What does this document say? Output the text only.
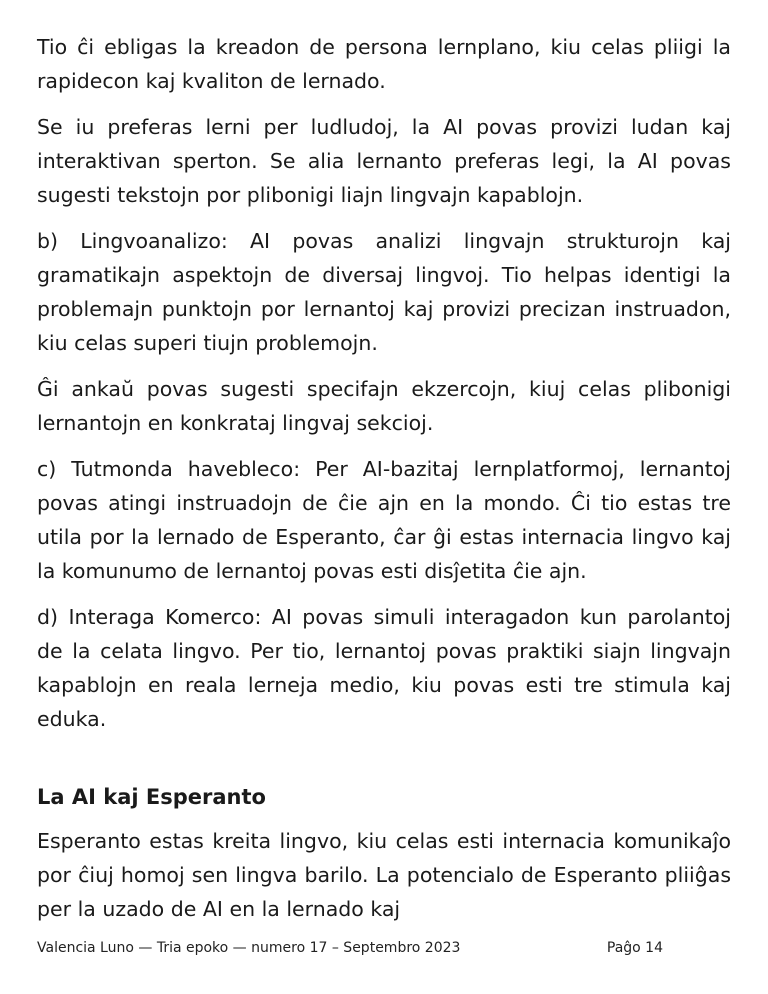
Tio ĉi ebligas la kreadon de persona lernplano, kiu celas pliigi la rapidecon kaj kvaliton de lernado.

Se iu preferas lerni per ludludoj, la AI povas provizi ludan kaj interaktivan sperton. Se alia lernanto preferas legi, la AI povas sugesti tekstojn por plibonigi liajn lingvajn kapablojn.

b) Lingvoanalizo: AI povas analizi lingvajn strukturojn kaj gramatikajn aspektojn de diversaj lingvoj. Tio helpas identigi la problemajn punktojn por lernantoj kaj provizi precizan instruadon, kiu celas superi tiujn problemojn.

Ĝi ankaŭ povas sugesti specifajn ekzercojn, kiuj celas plibonigi lernantojn en konkrataj lingvaj sekcioj.

c) Tutmonda havebleco: Per AI-bazitaj lernplatformoj, lernantoj povas atingi instruadojn de ĉie ajn en la mondo. Ĉi tio estas tre utila por la lernado de Esperanto, ĉar ĝi estas internacia lingvo kaj la komunumo de lernantoj povas esti disĵetita ĉie ajn.

d) Interaga Komerco: AI povas simuli interagadon kun parolantoj de la celata lingvo. Per tio, lernantoj povas praktiki siajn lingvajn kapablojn en reala lerneja medio, kiu povas esti tre stimula kaj eduka.

La AI kaj Esperanto

Esperanto estas kreita lingvo, kiu celas esti internacia komunikaĵo por ĉiuj homoj sen lingva barilo. La potencialo de Esperanto pliiĝas per la uzado de AI en la lernado kaj

Valencia Luno — Tria epoko — numero 17 – Septembro 2023	Paĝo 14
